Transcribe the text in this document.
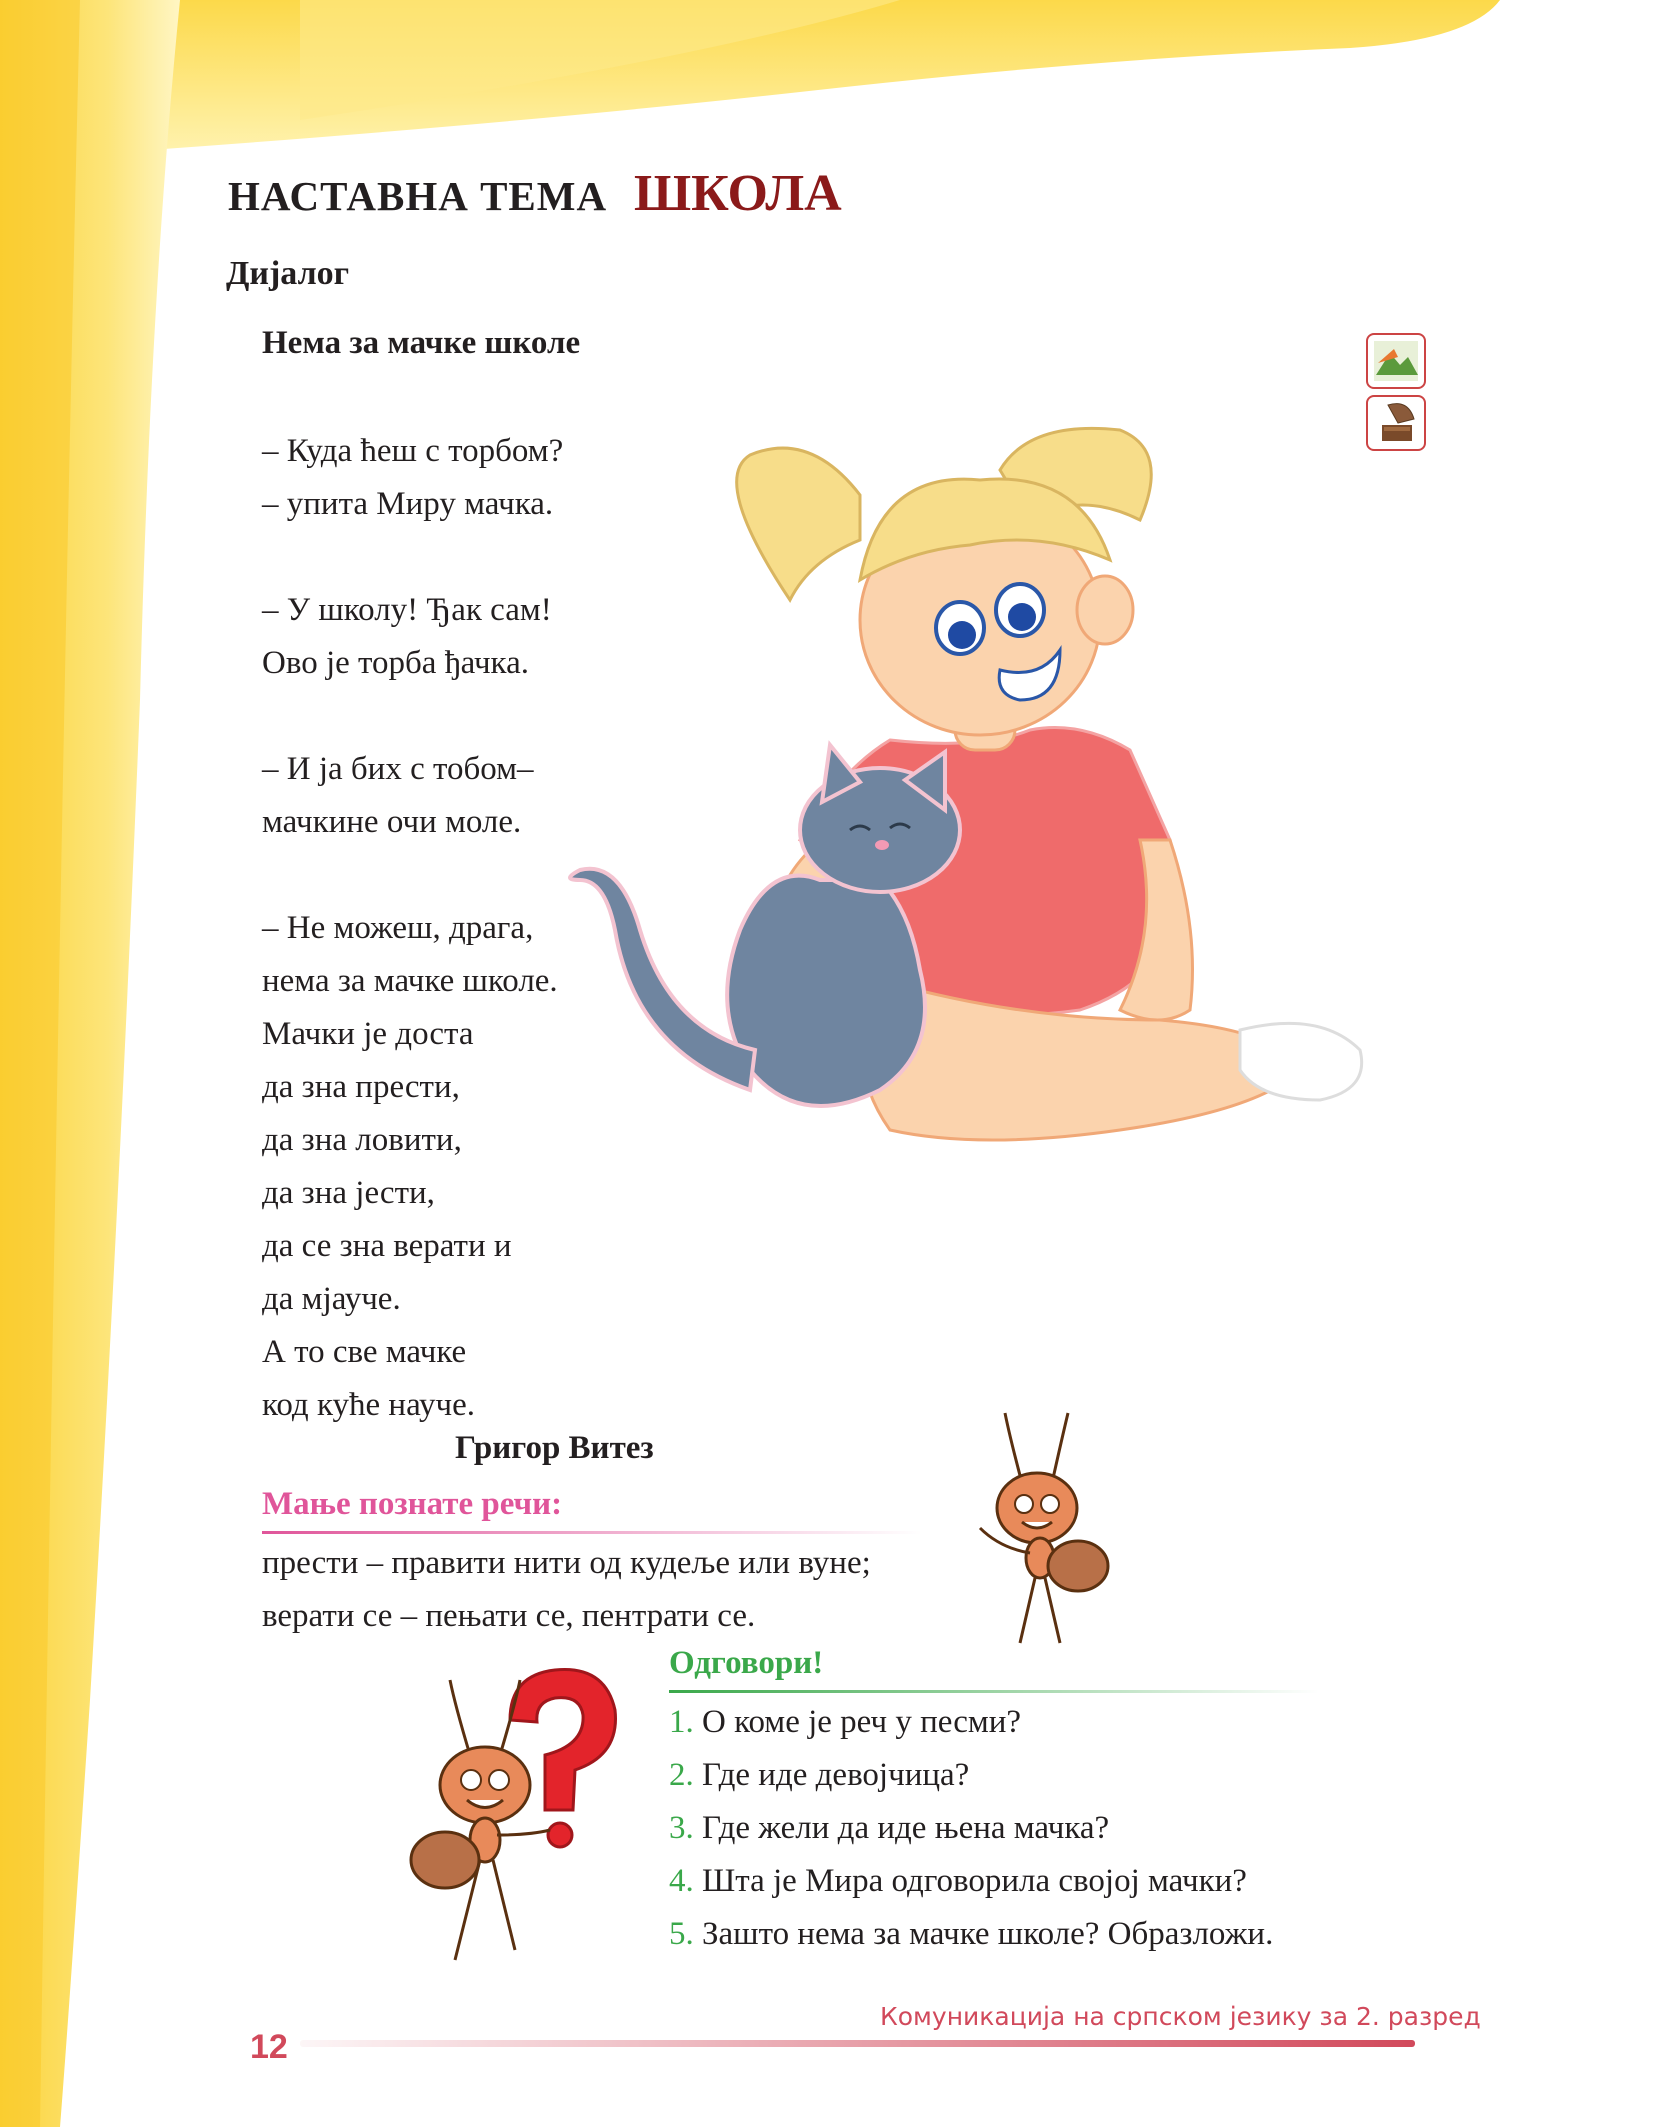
НАСТАВНА ТЕМА ШКОЛА
Дијалог
Нема за мачке школе
– Куда ћеш с торбом?
– упита Миру мачка.
– У школу! Ђак сам!
Ово је торба ђачка.
– И ја бих с тобом–
мачкине очи моле.
– Не можеш, драга,
нема за мачке школе.
Мачки је доста
да зна прести,
да зна ловити,
да зна јести,
да се зна верати и
да мјауче.
А то све мачке
код куће науче.
Григор Витез
Мање познате речи:
прести – правити нити од кудеље или вуне;
верати се – пењати се, пентрати се.
Одговори!
1. О коме је реч у песми?
2. Где иде девојчица?
3. Где жели да иде њена мачка?
4. Шта је Мира одговорила својој мачки?
5. Зашто нема за мачке школе? Образложи.
12
Комуникација на српском језику за 2. разред
